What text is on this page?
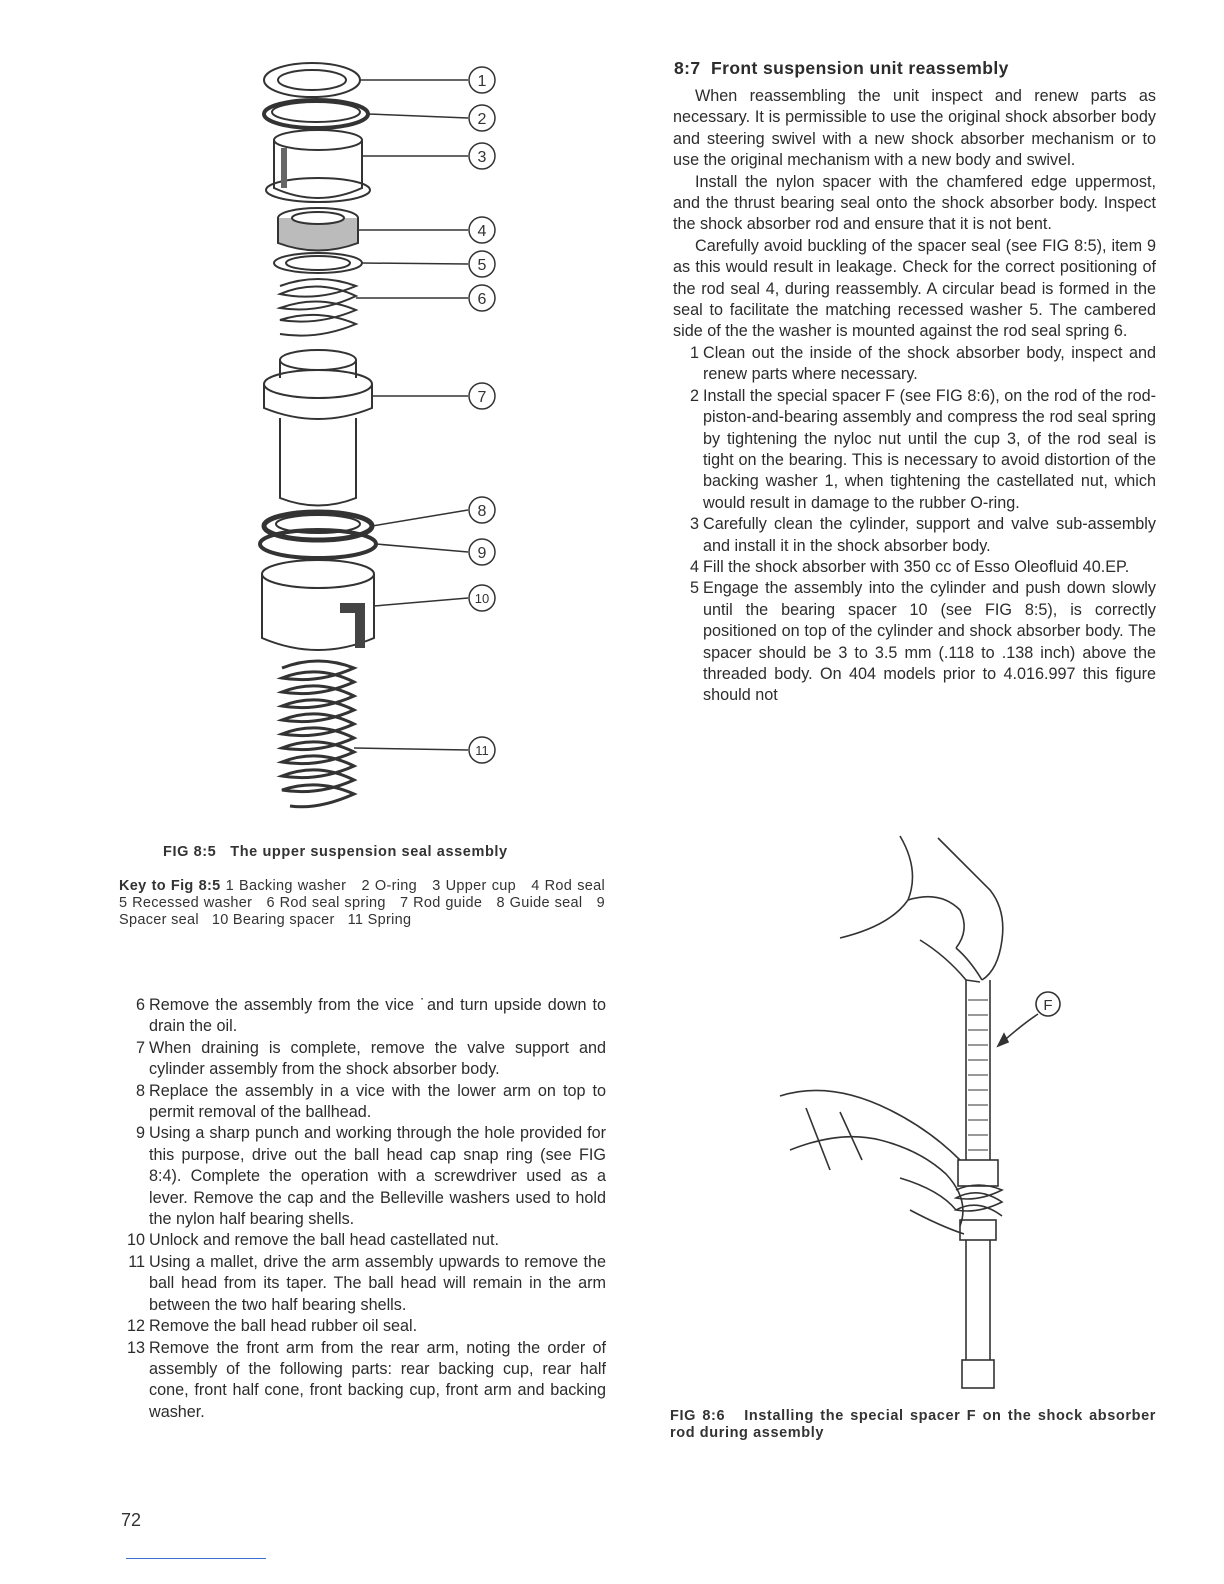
1
2
3
4
5
6
7
8
9
10
11
FIG 8:5   The upper suspension seal assembly
Key to Fig 8:5 1 Backing washer   2 O-ring   3 Upper cup   4 Rod seal   5 Recessed washer   6 Rod seal spring   7 Rod guide   8 Guide seal   9 Spacer seal   10 Bearing spacer   11 Spring
6 Remove the assembly from the vice ˙and turn upside down to drain the oil.
7 When draining is complete, remove the valve support and cylinder assembly from the shock absorber body.
8 Replace the assembly in a vice with the lower arm on top to permit removal of the ballhead.
9 Using a sharp punch and working through the hole provided for this purpose, drive out the ball head cap snap ring (see FIG 8:4). Complete the operation with a screwdriver used as a lever. Remove the cap and the Belleville washers used to hold the nylon half bearing shells.
10 Unlock and remove the ball head castellated nut.
11 Using a mallet, drive the arm assembly upwards to remove the ball head from its taper. The ball head will remain in the arm between the two half bearing shells.
12 Remove the ball head rubber oil seal.
13 Remove the front arm from the rear arm, noting the order of assembly of the following parts: rear backing cup, rear half cone, front half cone, front backing cup, front arm and backing washer.
8:7  Front suspension unit reassembly

When reassembling the unit inspect and renew parts as necessary. It is permissible to use the original shock absorber body and steering swivel with a new shock absorber mechanism or to use the original mechanism with a new body and swivel.

Install the nylon spacer with the chamfered edge uppermost, and the thrust bearing seal onto the shock absorber body. Inspect the shock absorber rod and ensure that it is not bent.

Carefully avoid buckling of the spacer seal (see FIG 8:5), item 9 as this would result in leakage. Check for the correct positioning of the rod seal 4, during reassembly. A circular bead is formed in the seal to facilitate the matching recessed washer 5. The cambered side of the the washer is mounted against the rod seal spring 6.

1 Clean out the inside of the shock absorber body, inspect and renew parts where necessary.
2 Install the special spacer F (see FIG 8:6), on the rod of the rod-piston-and-bearing assembly and compress the rod seal spring by tightening the nyloc nut until the cup 3, of the rod seal is tight on the bearing. This is necessary to avoid distortion of the backing washer 1, when tightening the castellated nut, which would result in damage to the rubber O-ring.
3 Carefully clean the cylinder, support and valve sub-assembly and install it in the shock absorber body.
4 Fill the shock absorber with 350 cc of Esso Oleofluid 40.EP.
5 Engage the assembly into the cylinder and push down slowly until the bearing spacer 10 (see FIG 8:5), is correctly positioned on top of the cylinder and shock absorber body. The spacer should be 3 to 3.5 mm (.118 to .138 inch) above the threaded body. On 404 models prior to 4.016.997 this figure should not
F
FIG 8:6   Installing the special spacer F on the shock absorber rod during assembly
72
